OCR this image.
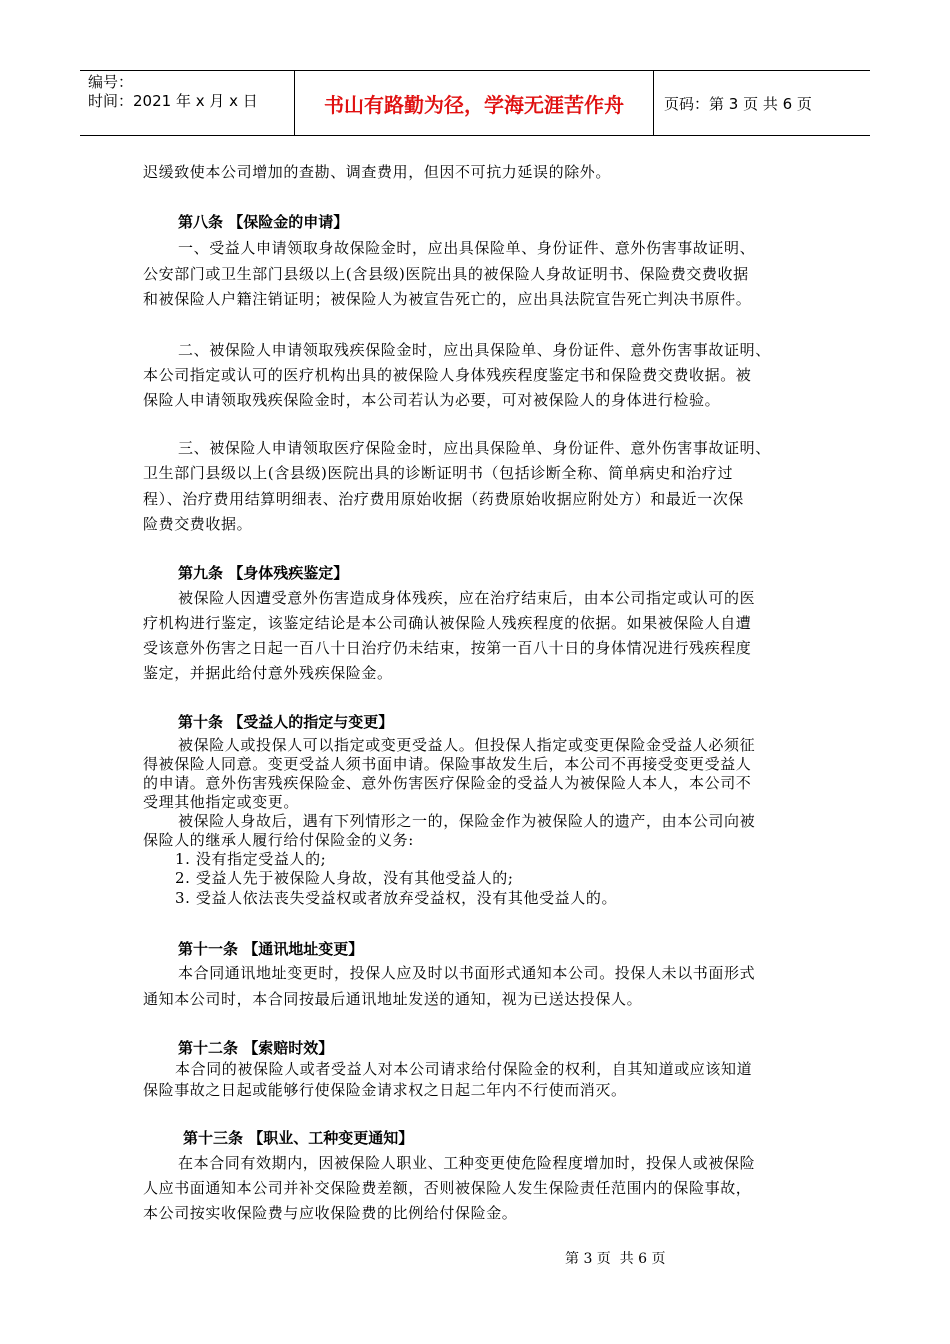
编号：
时间：2021 年 x 月 x 日	书山有路勤为径，学海无涯苦作舟	页码：第 3 页 共 6 页
迟缓致使本公司增加的查勘、调查费用，但因不可抗力延误的除外。
第八条 【保险金的申请】
一、受益人申请领取身故保险金时，应出具保险单、身份证件、意外伤害事故证明、
公安部门或卫生部门县级以上(含县级)医院出具的被保险人身故证明书、保险费交费收据
和被保险人户籍注销证明；被保险人为被宣告死亡的，应出具法院宣告死亡判决书原件。
二、被保险人申请领取残疾保险金时，应出具保险单、身份证件、意外伤害事故证明、
本公司指定或认可的医疗机构出具的被保险人身体残疾程度鉴定书和保险费交费收据。被
保险人申请领取残疾保险金时，本公司若认为必要，可对被保险人的身体进行检验。
三、被保险人申请领取医疗保险金时，应出具保险单、身份证件、意外伤害事故证明、
卫生部门县级以上(含县级)医院出具的诊断证明书（包括诊断全称、简单病史和治疗过
程）、治疗费用结算明细表、治疗费用原始收据（药费原始收据应附处方）和最近一次保
险费交费收据。
第九条 【身体残疾鉴定】
被保险人因遭受意外伤害造成身体残疾，应在治疗结束后，由本公司指定或认可的医
疗机构进行鉴定，该鉴定结论是本公司确认被保险人残疾程度的依据。如果被保险人自遭
受该意外伤害之日起一百八十日治疗仍未结束，按第一百八十日的身体情况进行残疾程度
鉴定，并据此给付意外残疾保险金。
第十条 【受益人的指定与变更】
被保险人或投保人可以指定或变更受益人。但投保人指定或变更保险金受益人必须征
得被保险人同意。变更受益人须书面申请。保险事故发生后，本公司不再接受变更受益人
的申请。意外伤害残疾保险金、意外伤害医疗保险金的受益人为被保险人本人，本公司不
受理其他指定或变更。
被保险人身故后，遇有下列情形之一的，保险金作为被保险人的遗产，由本公司向被
保险人的继承人履行给付保险金的义务:
1. 没有指定受益人的;
2. 受益人先于被保险人身故，没有其他受益人的;
3. 受益人依法丧失受益权或者放弃受益权，没有其他受益人的。
第十一条 【通讯地址变更】
本合同通讯地址变更时，投保人应及时以书面形式通知本公司。投保人未以书面形式
通知本公司时，本合同按最后通讯地址发送的通知，视为已送达投保人。
第十二条 【索赔时效】
本合同的被保险人或者受益人对本公司请求给付保险金的权利，自其知道或应该知道
保险事故之日起或能够行使保险金请求权之日起二年内不行使而消灭。
第十三条 【职业、工种变更通知】
在本合同有效期内，因被保险人职业、工种变更使危险程度增加时，投保人或被保险
人应书面通知本公司并补交保险费差额，否则被保险人发生保险责任范围内的保险事故，
本公司按实收保险费与应收保险费的比例给付保险金。
第 3 页  共 6 页
